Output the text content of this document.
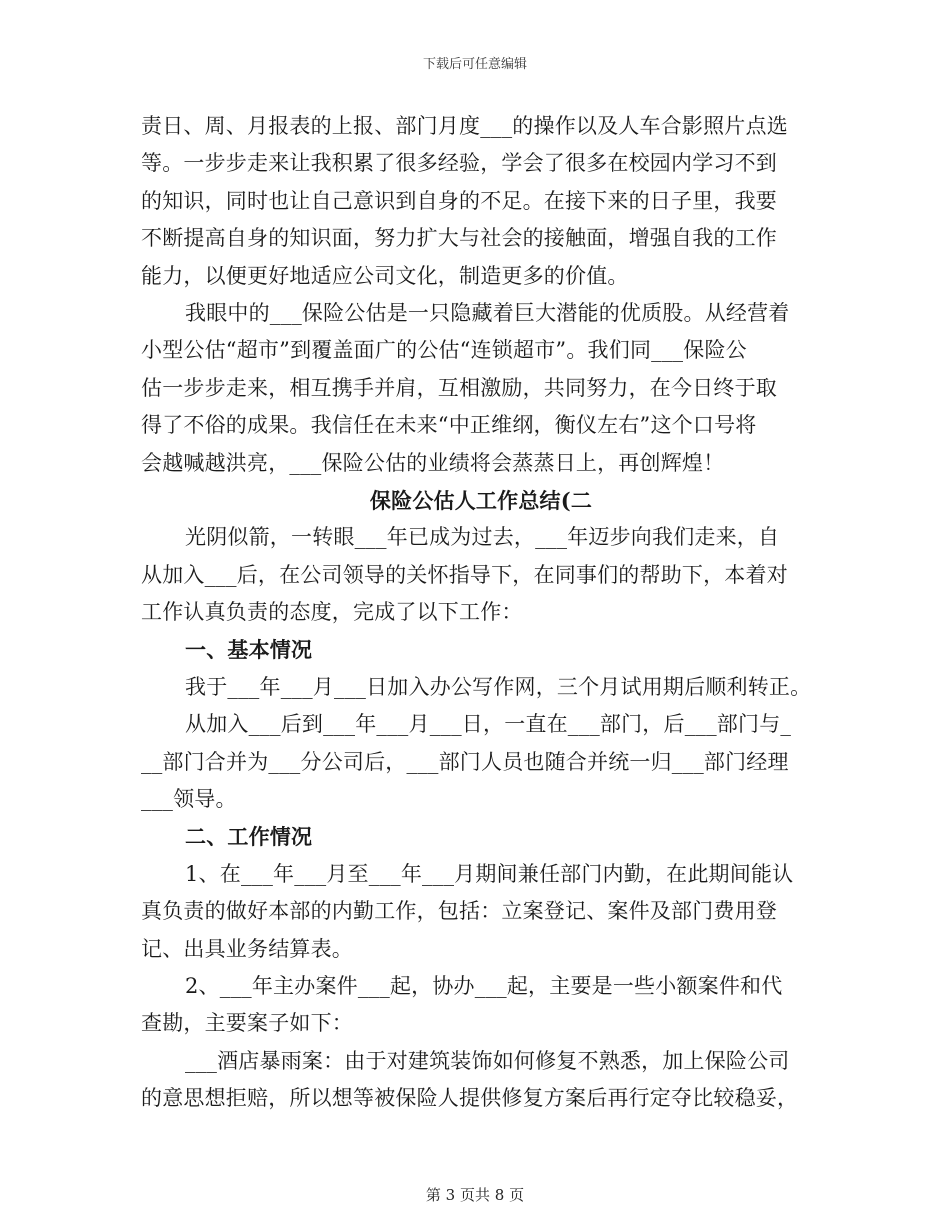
下载后可任意编辑
责日、周、月报表的上报、部门月度___的操作以及人车合影照片点选
等。一步步走来让我积累了很多经验，学会了很多在校园内学习不到
的知识，同时也让自己意识到自身的不足。在接下来的日子里，我要
不断提高自身的知识面，努力扩大与社会的接触面，增强自我的工作
能力，以便更好地适应公司文化，制造更多的价值。
我眼中的___保险公估是一只隐藏着巨大潜能的优质股。从经营着
小型公估“超市”到覆盖面广的公估“连锁超市”。我们同___保险公
估一步步走来，相互携手并肩，互相激励，共同努力，在今日终于取
得了不俗的成果。我信任在未来“中正维纲，衡仪左右”这个口号将
会越喊越洪亮，___保险公估的业绩将会蒸蒸日上，再创辉煌！
保险公估人工作总结(二
光阴似箭，一转眼___年已成为过去，___年迈步向我们走来，自
从加入___后，在公司领导的关怀指导下，在同事们的帮助下，本着对
工作认真负责的态度，完成了以下工作：
一、基本情况
我于___年___月___日加入办公写作网，三个月试用期后顺利转正。
从加入___后到___年___月___日，一直在___部门，后___部门与_
__部门合并为___分公司后，___部门人员也随合并统一归___部门经理
___领导。
二、工作情况
1、在___年___月至___年___月期间兼任部门内勤，在此期间能认
真负责的做好本部的内勤工作，包括：立案登记、案件及部门费用登
记、出具业务结算表。
2、___年主办案件___起，协办___起，主要是一些小额案件和代
查勘，主要案子如下：
___酒店暴雨案：由于对建筑装饰如何修复不熟悉，加上保险公司
的意思想拒赔，所以想等被保险人提供修复方案后再行定夺比较稳妥，
第 3 页共 8 页
